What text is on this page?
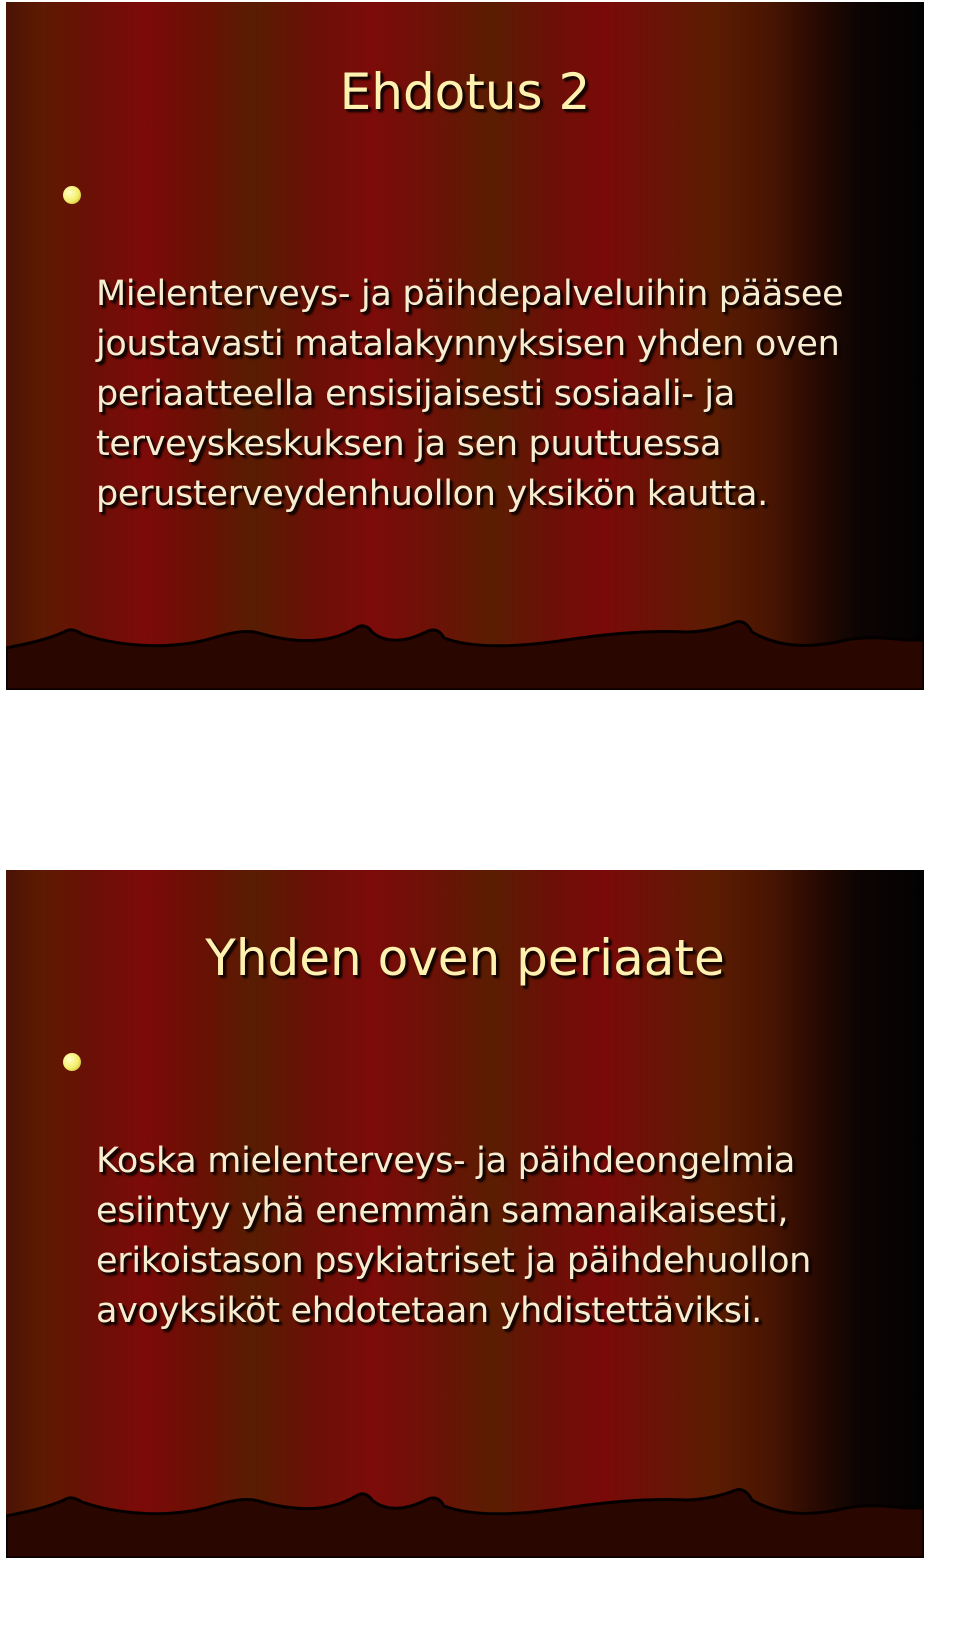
Ehdotus 2

Mielenterveys- ja päihdepalveluihin pääsee
joustavasti matalakynnyksisen yhden oven
periaatteella ensisijaisesti sosiaali- ja
terveyskeskuksen ja sen puuttuessa
perusterveydenhuollon yksikön kautta.

Yhden oven periaate

Koska mielenterveys- ja päihdeongelmia
esiintyy yhä enemmän samanaikaisesti,
erikoistason psykiatriset ja päihdehuollon
avoyksiköt ehdotetaan yhdistettäviksi.
